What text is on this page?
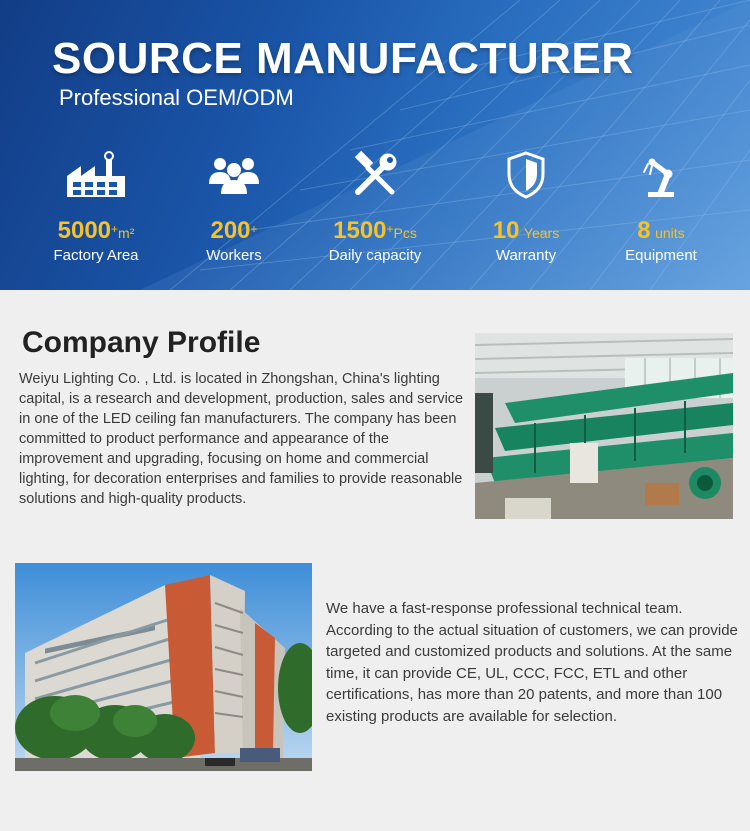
SOURCE MANUFACTURER
Professional OEM/ODM
5000+m²
Factory Area
200+
Workers
1500+Pcs
Daily capacity
10 Years
Warranty
8 units
Equipment
Company Profile

Weiyu Lighting Co. , Ltd. is located in Zhongshan, China's lighting capital, is a research and development, production, sales and service in one of the LED ceiling fan manufacturers. The company has been committed to product performance and appearance of the improvement and upgrading, focusing on home and commercial lighting, for decoration enterprises and families to provide reasonable solutions and high-quality products.

We have a fast-response professional technical team. According to the actual situation of customers, we can provide targeted and customized products and solutions. At the same time, it can provide CE, UL, CCC, FCC, ETL and other certifications, has more than 20 patents, and more than 100 existing products are available for selection.
